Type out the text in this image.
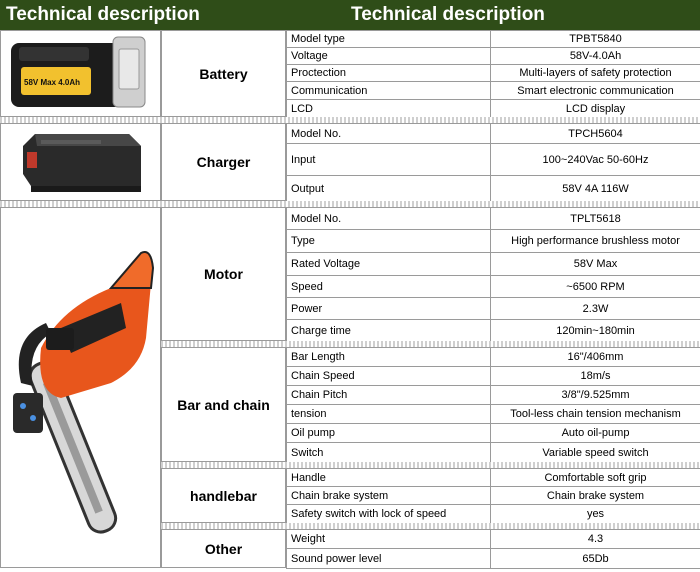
Technical description	Technical description
58V Max 4.0Ah
Battery
Model type	TPBT5840
Voltage	58V-4.0Ah
Proctection	Multi-layers of safety protection
Communication	Smart electronic communication
LCD	LCD display
Charger
Model No.	TPCH5604
Input	100~240Vac 50-60Hz
Output	58V 4A 116W
Motor
Model No.	TPLT5618
Type	High performance brushless motor
Rated Voltage	58V Max
Speed	~6500 RPM
Power	2.3W
Charge time	120min~180min
Bar and chain
Bar Length	16"/406mm
Chain Speed	18m/s
Chain Pitch	3/8"/9.525mm
tension	Tool-less chain tension mechanism
Oil pump	Auto oil-pump
Switch	Variable speed switch
handlebar
Handle	Comfortable soft grip
Chain brake system	Chain brake system
Safety switch with lock of speed	yes
Other
Weight	4.3
Sound power level	65Db
